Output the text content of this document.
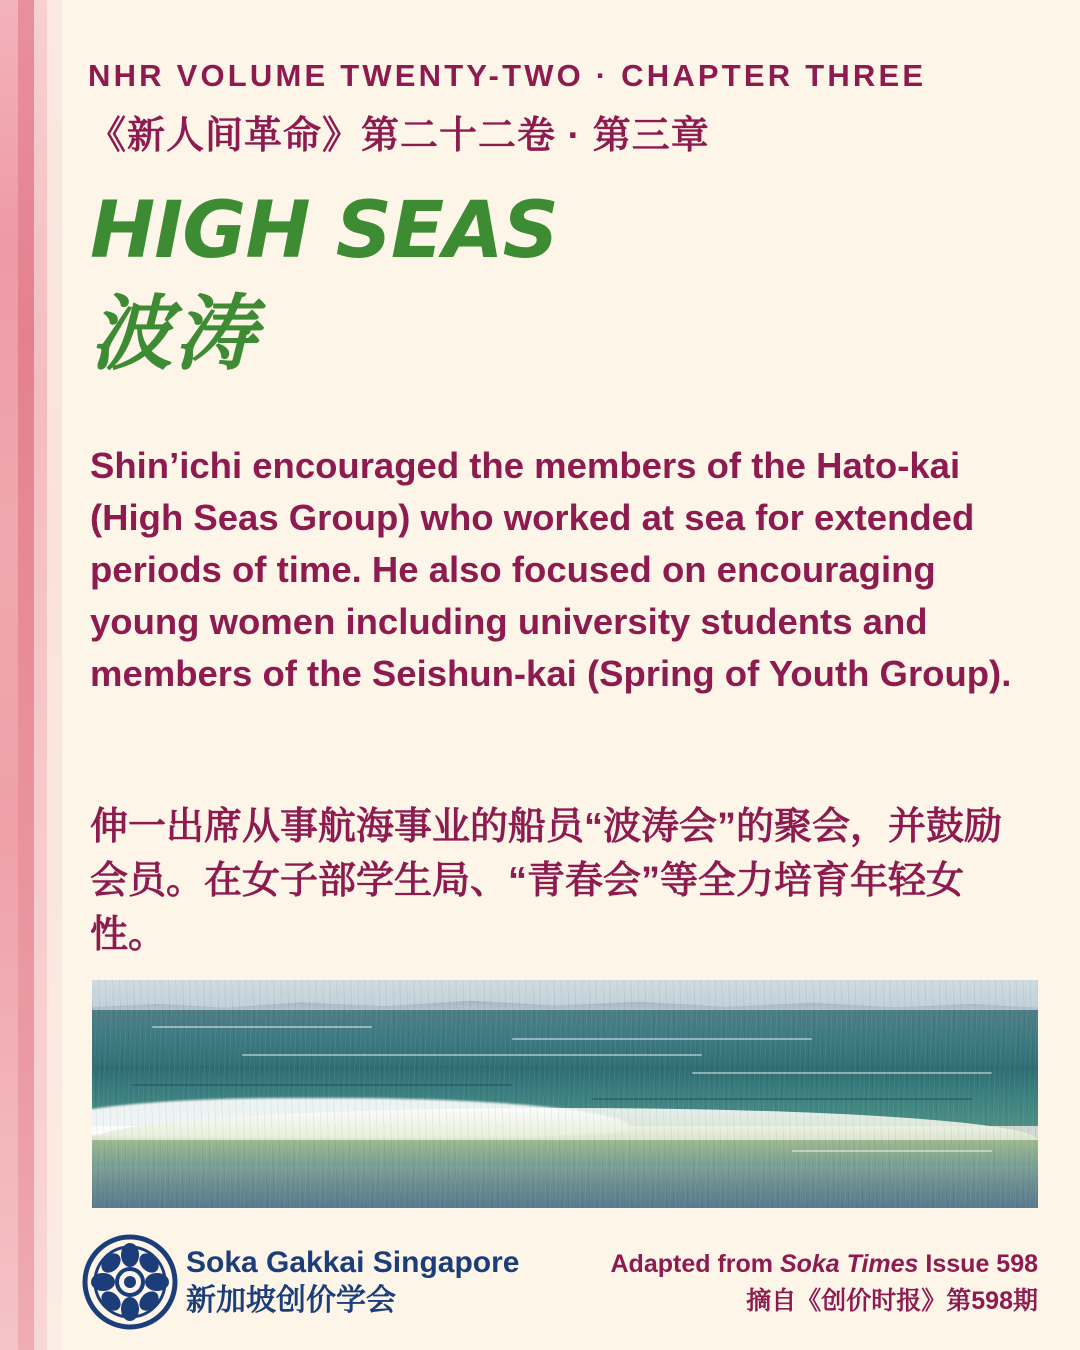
NHR VOLUME TWENTY-TWO · CHAPTER THREE
《新人间革命》第二十二卷 · 第三章
HIGH SEAS
波涛
Shin’ichi encouraged the members of the Hato-kai (High Seas Group) who worked at sea for extended periods of time. He also focused on encouraging young women including university students and members of the Seishun-kai (Spring of Youth Group).
伸一出席从事航海事业的船员“波涛会”的聚会，并鼓励会员。在女子部学生局、“青春会”等全力培育年轻女性。
Soka Gakkai Singapore
新加坡创价学会
Adapted from Soka Times Issue 598
摘自《创价时报》第598期
